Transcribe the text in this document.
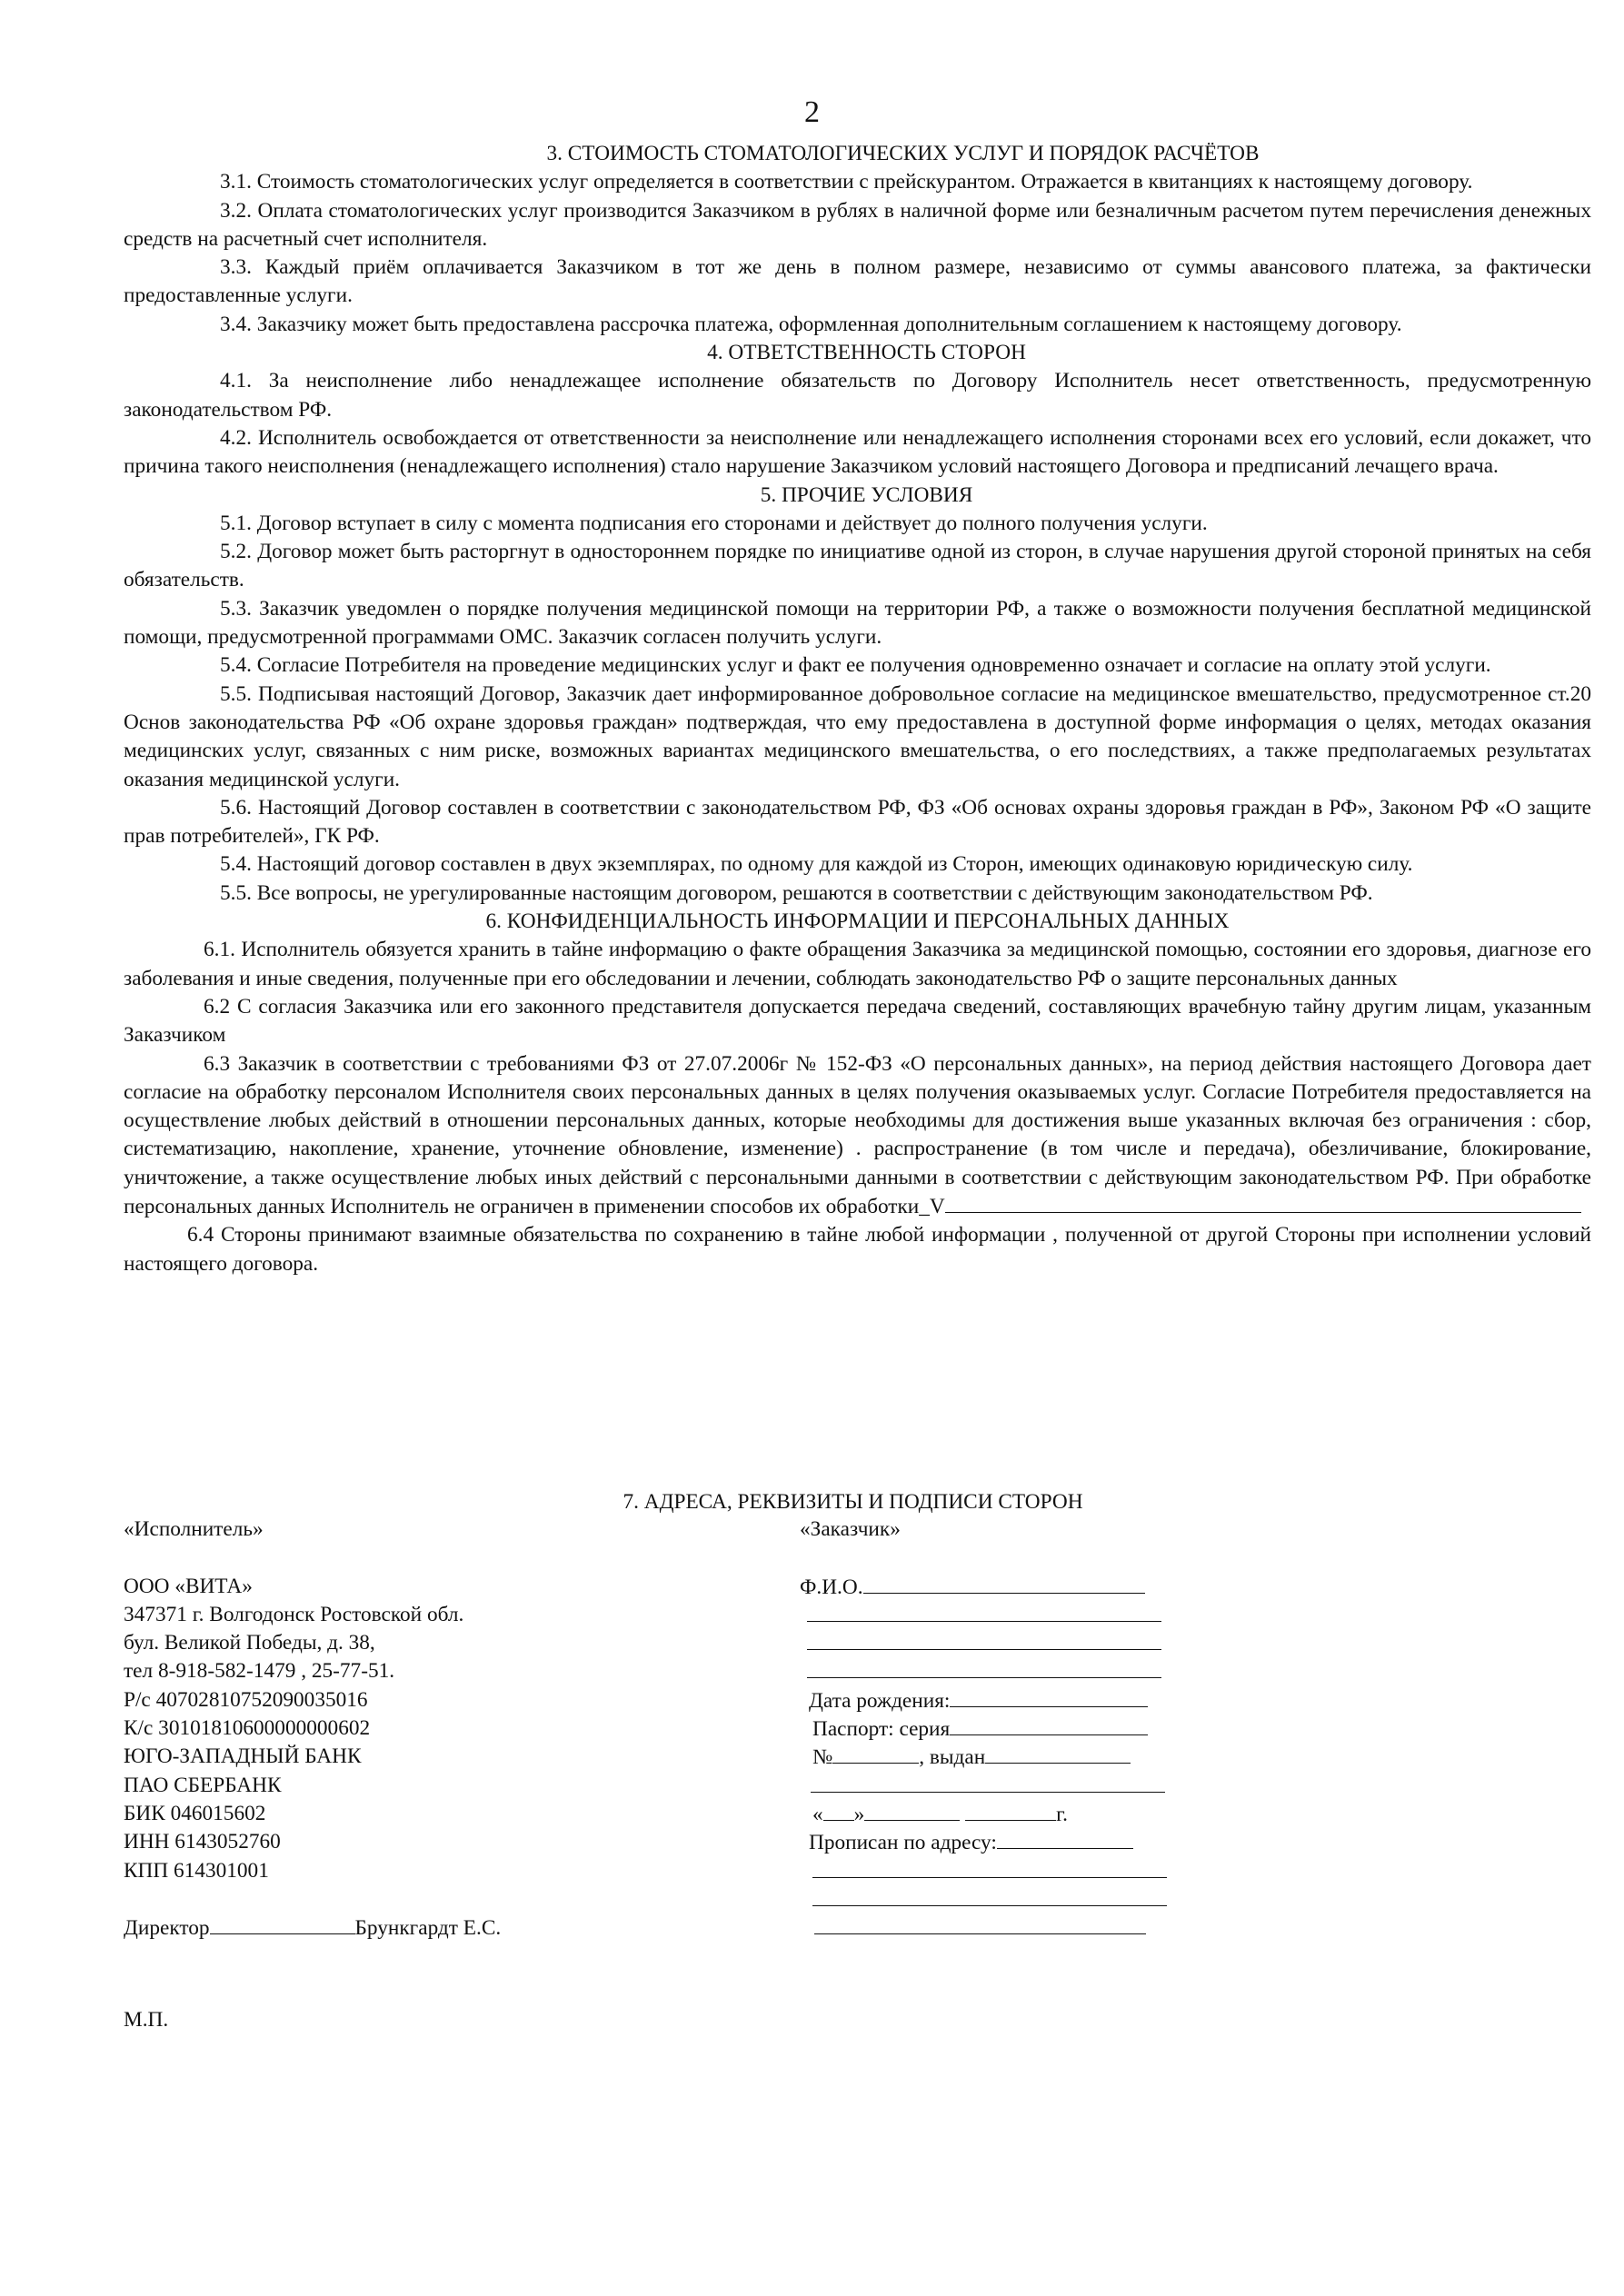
2
3. СТОИМОСТЬ СТОМАТОЛОГИЧЕСКИХ УСЛУГ И ПОРЯДОК РАСЧЁТОВ

3.1. Стоимость стоматологических услуг определяется в соответствии с прейскурантом. Отражается в квитанциях к настоящему договору.

3.2. Оплата стоматологических услуг производится Заказчиком в рублях в наличной форме или безналичным расчетом путем перечисления денежных средств на расчетный счет исполнителя.

3.3. Каждый приём оплачивается Заказчиком в тот же день в полном размере, независимо от суммы авансового платежа, за фактически предоставленные услуги.

3.4. Заказчику может быть предоставлена рассрочка платежа, оформленная дополнительным соглашением к настоящему договору.

4. ОТВЕТСТВЕННОСТЬ СТОРОН

4.1. За неисполнение либо ненадлежащее исполнение обязательств по Договору Исполнитель несет ответственность, предусмотренную законодательством РФ.

4.2. Исполнитель освобождается от ответственности за неисполнение или ненадлежащего исполнения сторонами всех его условий, если докажет, что причина такого неисполнения (ненадлежащего исполнения) стало нарушение Заказчиком условий настоящего Договора и предписаний лечащего врача.

5. ПРОЧИЕ УСЛОВИЯ

5.1. Договор вступает в силу с момента подписания его сторонами и действует до полного получения услуги.

5.2. Договор может быть расторгнут в одностороннем порядке по инициативе одной из сторон, в случае нарушения другой стороной принятых на себя обязательств.

5.3. Заказчик уведомлен о порядке получения медицинской помощи на территории РФ, а также о возможности получения бесплатной медицинской помощи, предусмотренной программами ОМС. Заказчик согласен получить услуги.

5.4. Согласие Потребителя на проведение медицинских услуг и факт ее получения одновременно означает и согласие на оплату этой услуги.

5.5. Подписывая настоящий Договор, Заказчик дает информированное добровольное согласие на медицинское вмешательство, предусмотренное ст.20 Основ законодательства РФ «Об охране здоровья граждан» подтверждая, что ему предоставлена в доступной форме информация о целях, методах оказания медицинских услуг, связанных с ним риске, возможных вариантах медицинского вмешательства, о его последствиях, а также предполагаемых результатах оказания медицинской услуги.

5.6. Настоящий Договор составлен в соответствии с законодательством РФ, ФЗ «Об основах охраны здоровья граждан в РФ», Законом РФ «О защите прав потребителей», ГК РФ.

5.4. Настоящий договор составлен в двух экземплярах, по одному для каждой из Сторон, имеющих одинаковую юридическую силу.

5.5. Все вопросы, не урегулированные настоящим договором, решаются в соответствии с действующим законодательством РФ.

6. КОНФИДЕНЦИАЛЬНОСТЬ ИНФОРМАЦИИ И ПЕРСОНАЛЬНЫХ ДАННЫХ

6.1. Исполнитель обязуется хранить в тайне информацию о факте обращения Заказчика за медицинской помощью, состоянии его здоровья, диагнозе его заболевания и иные сведения, полученные при его обследовании и лечении, соблюдать законодательство РФ о защите персональных данных

6.2 С согласия Заказчика или его законного представителя допускается передача сведений, составляющих врачебную тайну другим лицам, указанным Заказчиком

6.3 Заказчик в соответствии с требованиями ФЗ от 27.07.2006г № 152-ФЗ «О персональных данных», на период действия настоящего Договора дает согласие на обработку персоналом Исполнителя своих персональных данных в целях получения оказываемых услуг. Согласие Потребителя предоставляется на осуществление любых действий в отношении персональных данных, которые необходимы для достижения выше указанных включая без ограничения : сбор, систематизацию, накопление, хранение, уточнение обновление, изменение) . распространение (в том числе и передача), обезличивание, блокирование, уничтожение, а также осуществление любых иных действий с персональными данными в соответствии с действующим законодательством РФ. При обработке персональных данных Исполнитель не ограничен в применении способов их обработки_V

6.4 Стороны принимают взаимные обязательства по сохранению в тайне любой информации , полученной от другой Стороны при исполнении условий настоящего договора.

7. АДРЕСА, РЕКВИЗИТЫ И ПОДПИСИ СТОРОН
«Исполнитель»
ООО «ВИТА»
347371 г. Волгодонск Ростовской обл.
бул. Великой Победы, д. 38,
тел 8-918-582-1479 , 25-77-51.
Р/с 40702810752090035016
К/с 30101810600000000602
ЮГО-ЗАПАДНЫЙ БАНК
ПАО СБЕРБАНК
БИК 046015602
ИНН 6143052760
КПП 614301001
Директор	Брункгардт Е.С.
М.П.
«Заказчик»
Ф.И.О.
Дата рождения:
Паспорт: серия
№	, выдан
« »	г.
Прописан по адресу:
